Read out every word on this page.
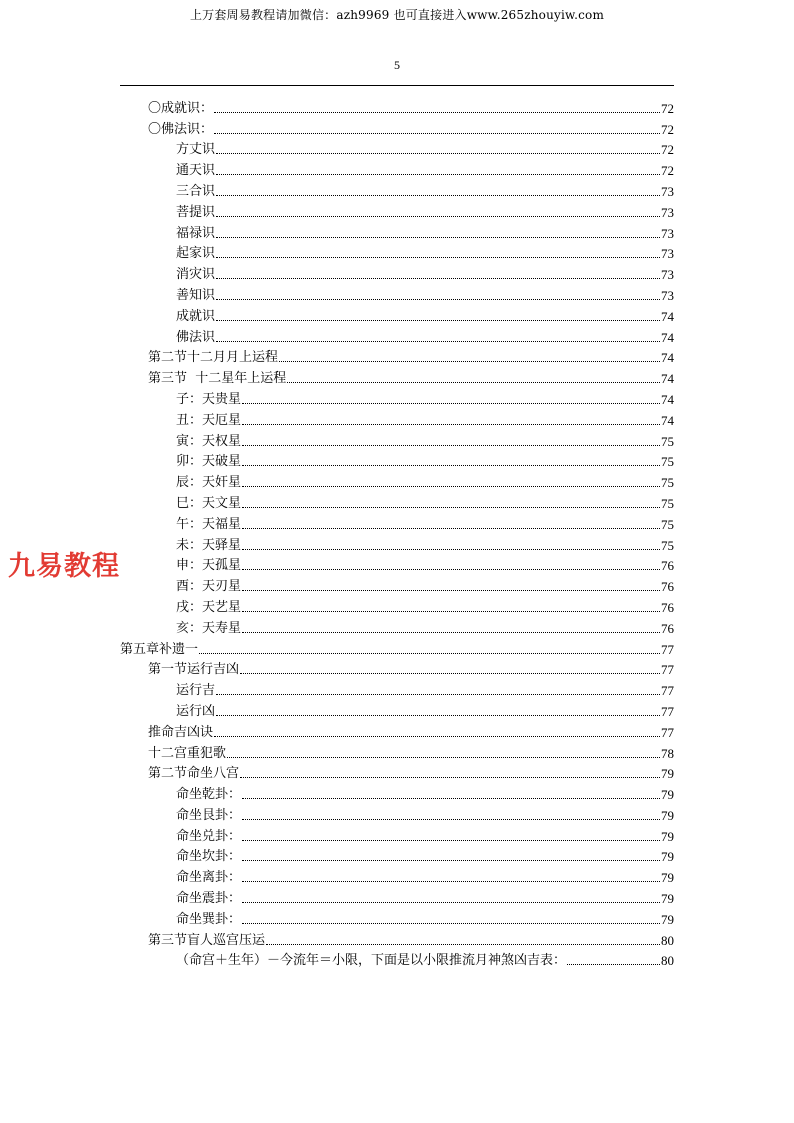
上万套周易教程请加微信：azh9969 也可直接进入www.265zhouyiw.com
5
九易教程
〇成就识：	72
〇佛法识：	72
方丈识	72
通天识	72
三合识	73
菩提识	73
福禄识	73
起家识	73
消灾识	73
善知识	73
成就识	74
佛法识	74
第二节十二月月上运程	74
第三节  十二星年上运程	74
子：天贵星	74
丑：天厄星	74
寅：天权星	75
卯：天破星	75
辰：天奸星	75
巳：天文星	75
午：天福星	75
未：天驿星	75
申：天孤星	76
酉：天刃星	76
戌：天艺星	76
亥：天寿星	76
第五章补遗一	77
第一节运行吉凶	77
运行吉	77
运行凶	77
推命吉凶诀	77
十二宫重犯歌	78
第二节命坐八宫	79
命坐乾卦：	79
命坐艮卦：	79
命坐兑卦：	79
命坐坎卦：	79
命坐离卦：	79
命坐震卦：	79
命坐巽卦：	79
第三节盲人巡宫压运	80
（命宫＋生年）－今流年＝小限，下面是以小限推流月神煞凶吉表：	80
